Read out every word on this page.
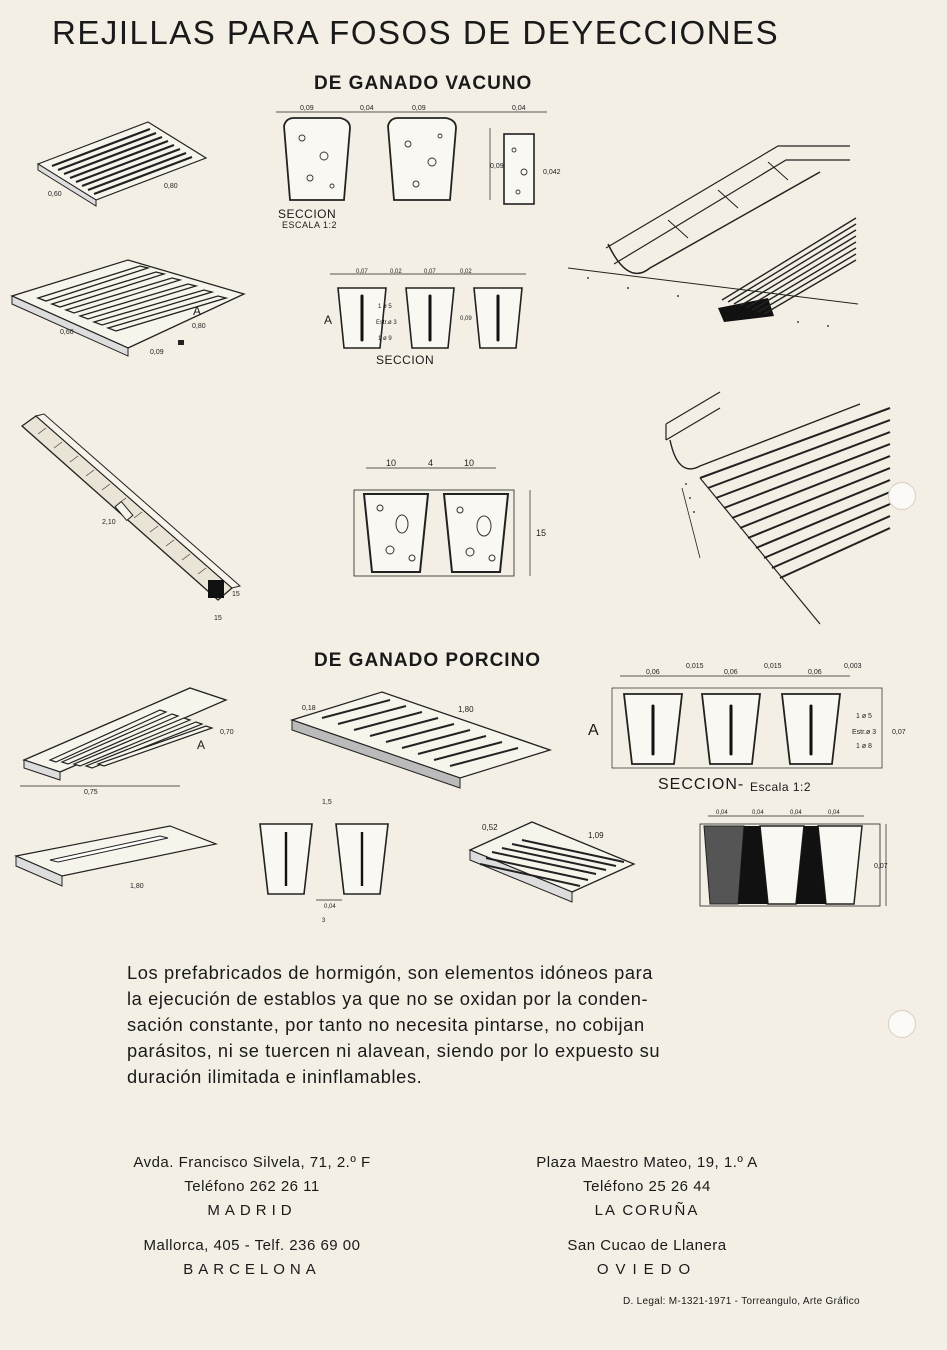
REJILLAS PARA FOSOS DE DEYECCIONES
DE GANADO VACUNO
0,60
0,80
0,09	0,04	0,09	0,04
0,09
0,042
SECCION
ESCALA 1:2
0,60
0,80
0,09
A
0,07	0,02	0,07	0,02
1 ø 5
Estr.ø 3
1 ø 9
0,09
A
SECCION
2,10
15
15
10	4	10
15
DE GANADO PORCINO
0,75
0,70
A
0,18	1,80
0,06
0,015
0,06
0,015
0,06
0,003
1 ø 5
Estr.ø 3
1 ø 8
0,07
A
SECCION- Escala 1:2
1,80
1,5
0,04
3
0,52
1,09
0,04	0,04	0,04	0,04
0,07
Los prefabricados de hormigón, son elementos idóneos para
la ejecución de establos ya que no se oxidan por la conden-
sación constante, por tanto no necesita pintarse, no cobijan
parásitos, ni se tuercen ni alavean, siendo por lo expuesto su
duración ilimitada e ininflamables.
Avda. Francisco Silvela, 71, 2.º F
Teléfono 262 26 11
MADRID
Plaza Maestro Mateo, 19, 1.º A
Teléfono 25 26 44
LA CORUÑA
Mallorca, 405 - Telf. 236 69 00
BARCELONA
San Cucao de Llanera
OVIEDO
D. Legal: M-1321-1971 - Torreangulo, Arte Gráfico
